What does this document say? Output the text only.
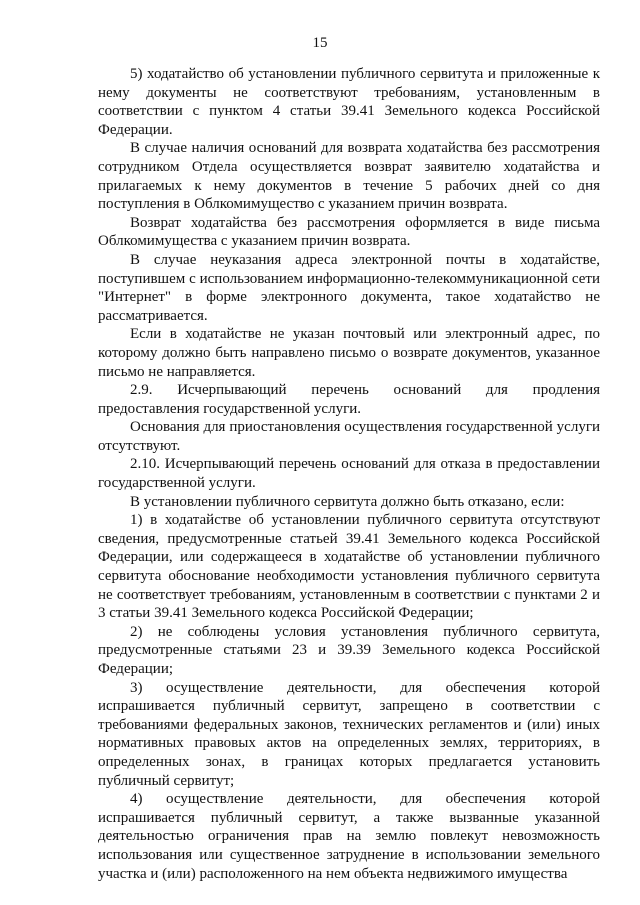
15

5) ходатайство об установлении публичного сервитута и приложенные к нему документы не соответствуют требованиям, установленным в соответствии с пунктом 4 статьи 39.41 Земельного кодекса Российской Федерации.

В случае наличия оснований для возврата ходатайства без рассмотрения сотрудником Отдела осуществляется возврат заявителю ходатайства и прилагаемых к нему документов в течение 5 рабочих дней со дня поступления в Облкомимущество с указанием причин возврата.

Возврат ходатайства без рассмотрения оформляется в виде письма Облкомимущества с указанием причин возврата.

В случае неуказания адреса электронной почты в ходатайстве, поступившем с использованием информационно-телекоммуникационной сети "Интернет" в форме электронного документа, такое ходатайство не рассматривается.

Если в ходатайстве не указан почтовый или электронный адрес, по которому должно быть направлено письмо о возврате документов, указанное письмо не направляется.

2.9. Исчерпывающий перечень оснований для продления предоставления государственной услуги.

Основания для приостановления осуществления государственной услуги отсутствуют.

2.10. Исчерпывающий перечень оснований для отказа в предоставлении государственной услуги.

В установлении публичного сервитута должно быть отказано, если:

1) в ходатайстве об установлении публичного сервитута отсутствуют сведения, предусмотренные статьей 39.41 Земельного кодекса Российской Федерации, или содержащееся в ходатайстве об установлении публичного сервитута обоснование необходимости установления публичного сервитута не соответствует требованиям, установленным в соответствии с пунктами 2 и 3 статьи 39.41 Земельного кодекса Российской Федерации;

2) не соблюдены условия установления публичного сервитута, предусмотренные статьями 23 и 39.39 Земельного кодекса Российской Федерации;

3) осуществление деятельности, для обеспечения которой испрашивается публичный сервитут, запрещено в соответствии с требованиями федеральных законов, технических регламентов и (или) иных нормативных правовых актов на определенных землях, территориях, в определенных зонах, в границах которых предлагается установить публичный сервитут;

4) осуществление деятельности, для обеспечения которой испрашивается публичный сервитут, а также вызванные указанной деятельностью ограничения прав на землю повлекут невозможность использования или существенное затруднение в использовании земельного участка и (или) расположенного на нем объекта недвижимого имущества
